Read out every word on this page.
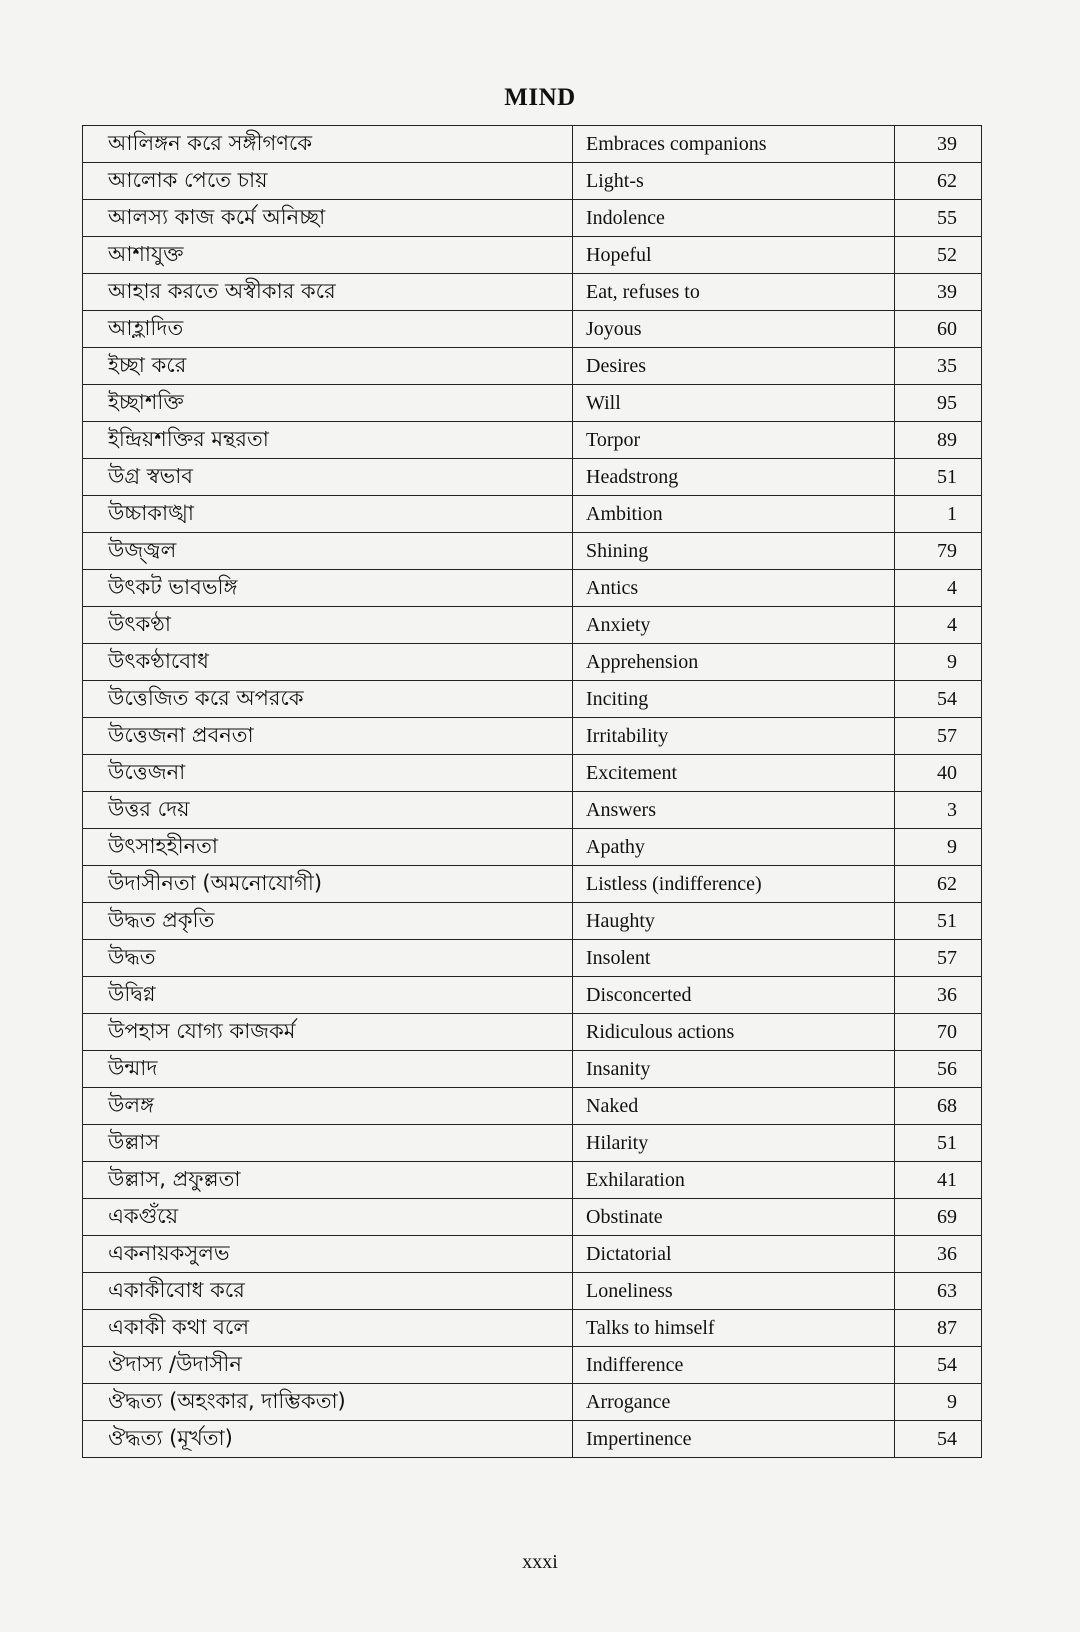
MIND
আলিঙ্গন করে সঙ্গীগণকে	Embraces companions	39
আলোক পেতে চায়	Light-s	62
আলস্য কাজ কর্মে অনিচ্ছা	Indolence	55
আশাযুক্ত	Hopeful	52
আহার করতে অস্বীকার করে	Eat, refuses to	39
আহ্লাদিত	Joyous	60
ইচ্ছা করে	Desires	35
ইচ্ছাশক্তি	Will	95
ইন্দ্রিয়শক্তির মন্থরতা	Torpor	89
উগ্র স্বভাব	Headstrong	51
উচ্চাকাঙ্খা	Ambition	1
উজ্জ্বল	Shining	79
উৎকট ভাবভঙ্গি	Antics	4
উৎকণ্ঠা	Anxiety	4
উৎকণ্ঠাবোধ	Apprehension	9
উত্তেজিত করে অপরকে	Inciting	54
উত্তেজনা প্রবনতা	Irritability	57
উত্তেজনা	Excitement	40
উত্তর দেয়	Answers	3
উৎসাহহীনতা	Apathy	9
উদাসীনতা (অমনোযোগী)	Listless (indifference)	62
উদ্ধত প্রকৃতি	Haughty	51
উদ্ধত	Insolent	57
উদ্বিগ্ন	Disconcerted	36
উপহাস যোগ্য কাজকর্ম	Ridiculous actions	70
উন্মাদ	Insanity	56
উলঙ্গ	Naked	68
উল্লাস	Hilarity	51
উল্লাস, প্রফুল্লতা	Exhilaration	41
একগুঁয়ে	Obstinate	69
একনায়কসুলভ	Dictatorial	36
একাকীবোধ করে	Loneliness	63
একাকী কথা বলে	Talks to himself	87
ঔদাস্য /উদাসীন	Indifference	54
ঔদ্ধত্য (অহংকার, দাম্ভিকতা)	Arrogance	9
ঔদ্ধত্য (মূর্খতা)	Impertinence	54
xxxi
